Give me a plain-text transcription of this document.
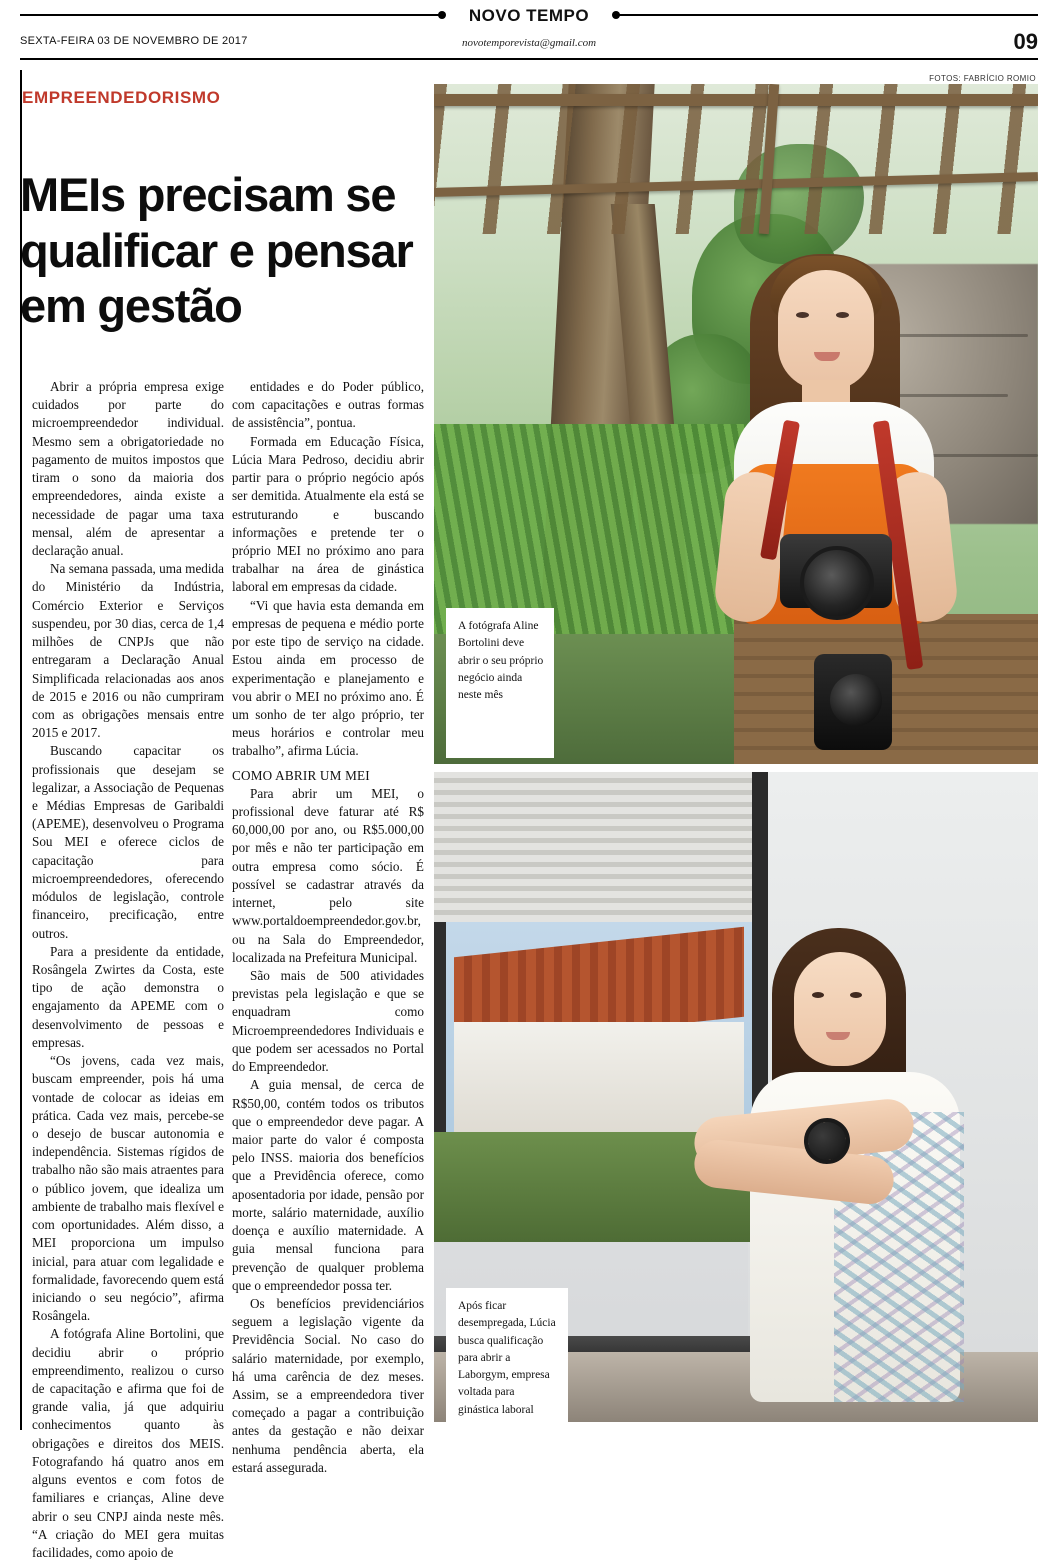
NOVO TEMPO
SEXTA-FEIRA 03 DE NOVEMBRO DE 2017	novotemporevista@gmail.com	09
EMPREENDEDORISMO
MEIs precisam se qualificar e pensar em gestão
FOTOS: FABRÍCIO ROMIO

Abrir a própria empresa exige cuidados por parte do microempreendedor individual. Mesmo sem a obrigatoriedade no pagamento de muitos impostos que tiram o sono da maioria dos empreendedores, ainda existe a necessidade de pagar uma taxa mensal, além de apresentar a declaração anual.

Na semana passada, uma medida do Ministério da Indústria, Comércio Exterior e Serviços suspendeu, por 30 dias, cerca de 1,4 milhões de CNPJs que não entregaram a Declaração Anual Simplificada relacionadas aos anos de 2015 e 2016 ou não cumpriram com as obrigações mensais entre 2015 e 2017.

Buscando capacitar os profissionais que desejam se legalizar, a Associação de Pequenas e Médias Empresas de Garibaldi (APEME), desenvolveu o Programa Sou MEI e oferece ciclos de capacitação para microempreendedores, oferecendo módulos de legislação, controle financeiro, precificação, entre outros.

Para a presidente da entidade, Rosângela Zwirtes da Costa, este tipo de ação demonstra o engajamento da APEME com o desenvolvimento de pessoas e empresas.

“Os jovens, cada vez mais, buscam empreender, pois há uma vontade de colocar as ideias em prática. Cada vez mais, percebe-se o desejo de buscar autonomia e independência. Sistemas rígidos de trabalho não são mais atraentes para o público jovem, que idealiza um ambiente de trabalho mais flexível e com oportunidades. Além disso, a MEI proporciona um impulso inicial, para atuar com legalidade e formalidade, favorecendo quem está iniciando o seu negócio”, afirma Rosângela.

A fotógrafa Aline Bortolini, que decidiu abrir o próprio empreendimento, realizou o curso de capacitação e afirma que foi de grande valia, já que adquiriu conhecimentos quanto às obrigações e direitos dos MEIS. Fotografando há quatro anos em alguns eventos e com fotos de familiares e crianças, Aline deve abrir o seu CNPJ ainda neste mês. “A criação do MEI gera muitas facilidades, como apoio de

entidades e do Poder público, com capacitações e outras formas de assistência”, pontua.

Formada em Educação Física, Lúcia Mara Pedroso, decidiu abrir partir para o próprio negócio após ser demitida. Atualmente ela está se estruturando e buscando informações e pretende ter o próprio MEI no próximo ano para trabalhar na área de ginástica laboral em empresas da cidade.

“Vi que havia esta demanda em empresas de pequena e médio porte por este tipo de serviço na cidade. Estou ainda em processo de experimentação e planejamento e vou abrir o MEI no próximo ano. É um sonho de ter algo próprio, ter meus horários e controlar meu trabalho”, afirma Lúcia.

COMO ABRIR UM MEI

Para abrir um MEI, o profissional deve faturar até R$ 60,000,00 por ano, ou R$5.000,00 por mês e não ter participação em outra empresa como sócio. É possível se cadastrar através da internet, pelo site www.portaldoempreendedor.gov.br, ou na Sala do Empreendedor, localizada na Prefeitura Municipal.

São mais de 500 atividades previstas pela legislação e que se enquadram como Microempreendedores Individuais e que podem ser acessados no Portal do Empreendedor.

A guia mensal, de cerca de R$50,00, contém todos os tributos que o empreendedor deve pagar. A maior parte do valor é composta pelo INSS. maioria dos benefícios que a Previdência oferece, como aposentadoria por idade, pensão por morte, salário maternidade, auxílio doença e auxílio maternidade. A guia mensal funciona para prevenção de qualquer problema que o empreendedor possa ter.

Os benefícios previdenciários seguem a legislação vigente da Previdência Social. No caso do salário maternidade, por exemplo, há uma carência de dez meses. Assim, se a empreendedora tiver começado a pagar a contribuição antes da gestação e não deixar nenhuma pendência aberta, ela estará assegurada.

A fotógrafa Aline Bortolini deve abrir o seu próprio negócio ainda neste mês
Após ficar desempregada, Lúcia busca qualificação para abrir a Laborgym, empresa voltada para ginástica laboral
